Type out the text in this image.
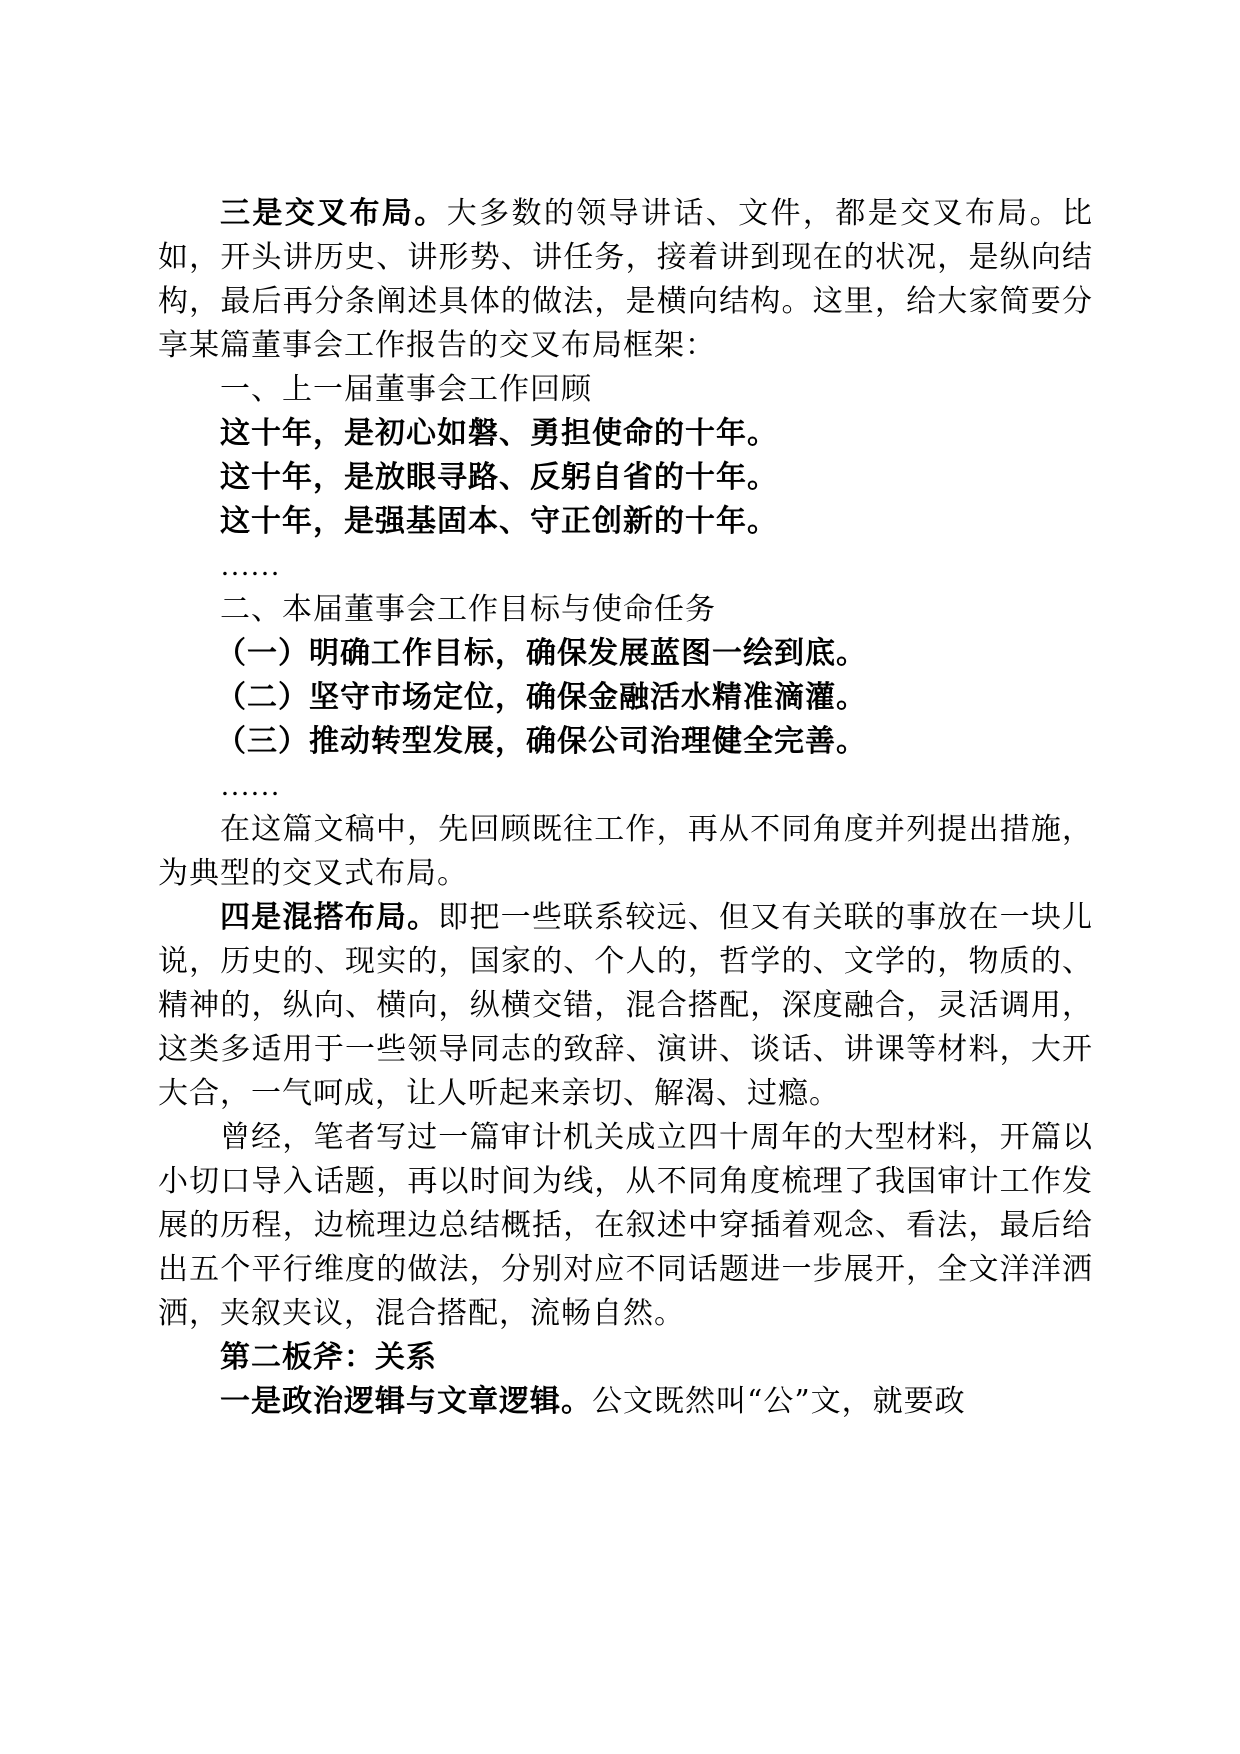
三是交叉布局。大多数的领导讲话、文件，都是交叉布局。比如，开头讲历史、讲形势、讲任务，接着讲到现在的状况，是纵向结构，最后再分条阐述具体的做法，是横向结构。这里，给大家简要分享某篇董事会工作报告的交叉布局框架：

一、上一届董事会工作回顾

这十年，是初心如磐、勇担使命的十年。

这十年，是放眼寻路、反躬自省的十年。

这十年，是强基固本、守正创新的十年。

……

二、本届董事会工作目标与使命任务

（一）明确工作目标，确保发展蓝图一绘到底。

（二）坚守市场定位，确保金融活水精准滴灌。

（三）推动转型发展，确保公司治理健全完善。

……

在这篇文稿中，先回顾既往工作，再从不同角度并列提出措施，为典型的交叉式布局。

四是混搭布局。即把一些联系较远、但又有关联的事放在一块儿说，历史的、现实的，国家的、个人的，哲学的、文学的，物质的、精神的，纵向、横向，纵横交错，混合搭配，深度融合，灵活调用，这类多适用于一些领导同志的致辞、演讲、谈话、讲课等材料，大开大合，一气呵成，让人听起来亲切、解渴、过瘾。

曾经，笔者写过一篇审计机关成立四十周年的大型材料，开篇以小切口导入话题，再以时间为线，从不同角度梳理了我国审计工作发展的历程，边梳理边总结概括，在叙述中穿插着观念、看法，最后给出五个平行维度的做法，分别对应不同话题进一步展开，全文洋洋洒洒，夹叙夹议，混合搭配，流畅自然。

第二板斧：关系

一是政治逻辑与文章逻辑。公文既然叫“公”文，就要政
